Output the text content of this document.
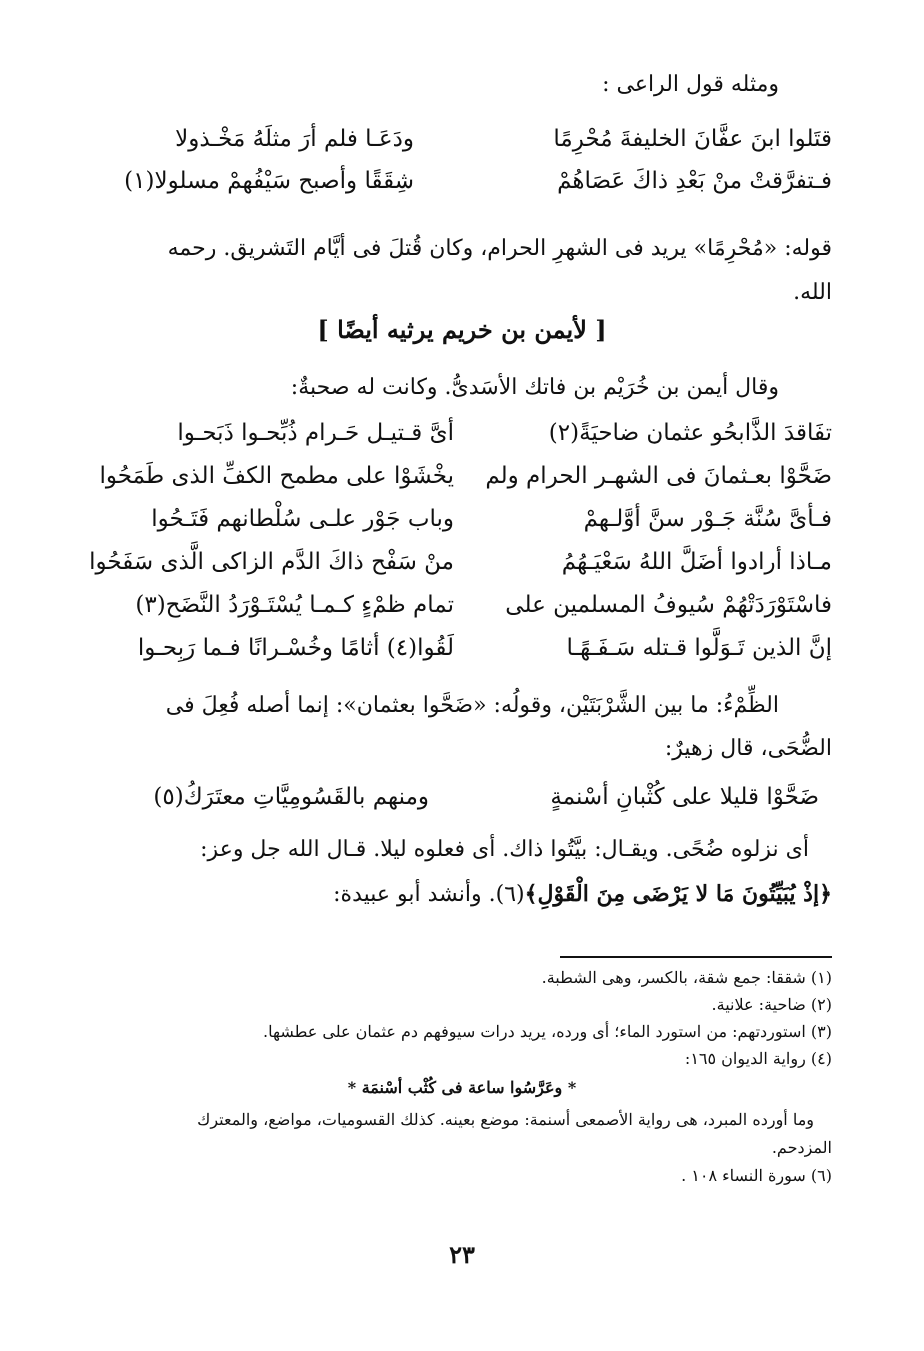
ومثله قول الراعى :
قتَلوا ابنَ عفَّانَ الخليفةَ مُحْرِمًا
ودَعَـا فلم أرَ مثلَهُ مَخْـذولا
فـتفرَّقتْ منْ بَعْدِ ذاكَ عَصَاهُمْ
شِقَقًا وأصبح سَيْفُهمْ مسلولا(١)
قوله: «مُحْرِمًا» يريد فى الشهرِ الحرام، وكان قُتلَ فى أيَّام التَشريق. رحمه
الله.
[ لأيمن بن خريم يرثيه أيضًا ]
وقال أيمن بن خُرَيْم بن فاتك الأسَدىُّ. وكانت له صحبةٌ:
تفَاقدَ الذَّابحُو عثمان ضاحيَةً(٢)
أىَّ قـتيـل حَـرام ذُبِّحـوا ذَبَحـوا
ضَحَّوْا بعـثمانَ فى الشهـر الحرام ولم
يخْشَوْا على مطمح الكفِّ الذى طَمَحُوا
فـأىَّ سُنَّة جَـوْر سنَّ أوَّلـهمْ
وباب جَوْر علـى سُلْطانهم فَتَـحُوا
مـاذا أرادوا أضَلَّ اللهُ سَعْيَـهُمُ
منْ سَفْح ذاكَ الدَّم الزاكى الَّذى سَفَحُوا
فاسْتَوْرَدَتْهُمْ سُيوفُ المسلمين على
تمام ظمْءٍ كـمـا يُسْتَـوْرَدُ النَّضَح(٣)
إنَّ الذين تَـوَلَّوا قـتله سَـفَـهًـا
لَقُوا(٤) أثامًا وخُسْـرانًا فـما رَبِحـوا
الظِّمْءُ: ما بين الشَّرْبَتَيْن، وقولُه: «ضَحَّوا بعثمان»: إنما أصله فُعِلَ فى
الضُّحَى، قال زهيرٌ:
ضَحَّوْا قليلا على كُثْبانِ أسْنمةٍ
ومنهم بالقَسُومِيَّاتِ معتَرَكُ(٥)
أى نزلوه ضُحًى. ويقـال: بيَّتُوا ذاك. أى فعلوه ليلا. قـال الله جل وعز:
﴿إذْ يُبَيِّتُونَ مَا لا يَرْضَى مِنَ الْقَوْلِ﴾(٦). وأنشد أبو عبيدة:
(١) شققا: جمع شقة، بالكسر، وهى الشطبة.
(٢) ضاحية: علانية.
(٣) استوردتهم: من استورد الماء؛ أى ورده، يريد درات سيوفهم دم عثمان على عطشها.
(٤) رواية الديوان ١٦٥:
* وعَرَّسُوا ساعة فى كُثْب أسْنمَة *
وما أورده المبرد، هى رواية الأصمعى أسنمة: موضع بعينه. كذلك القسوميات، مواضع، والمعترك
المزدحم.
(٦) سورة النساء ١٠٨ .
٢٣
